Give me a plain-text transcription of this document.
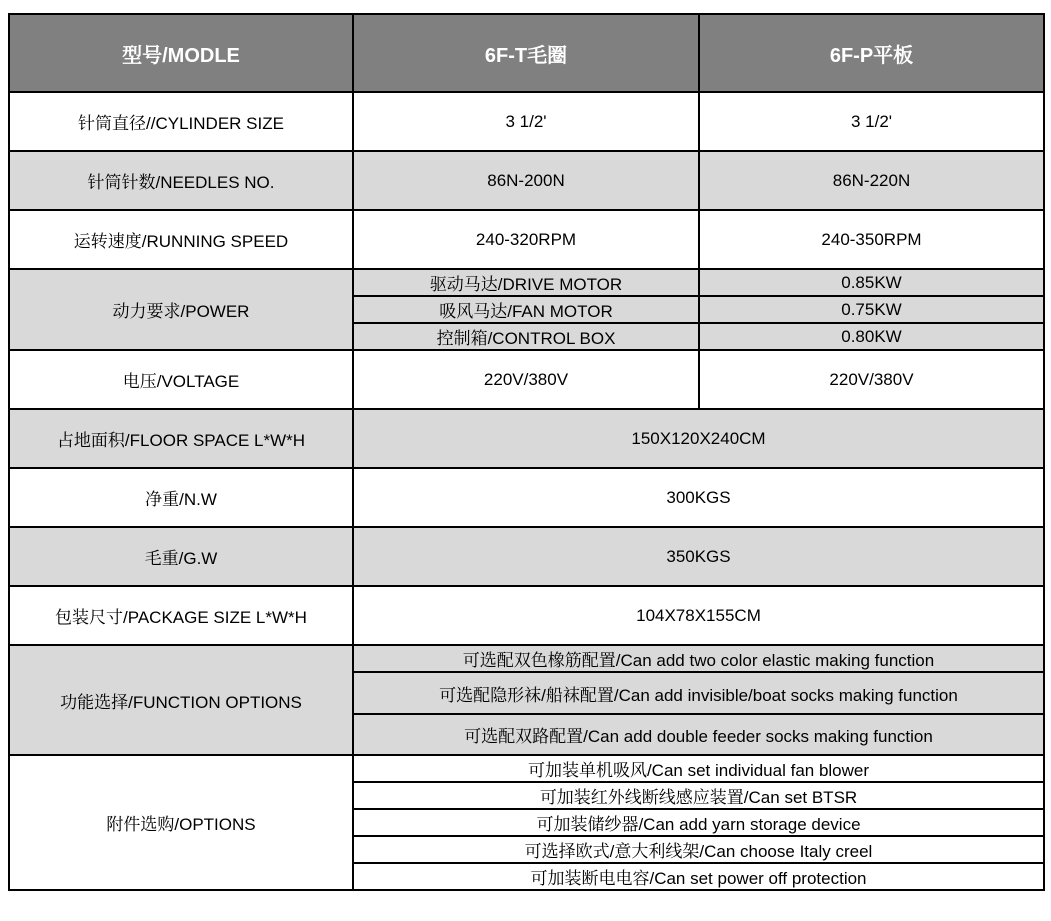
型号/MODLE	6F-T毛圈	6F-P平板
针筒直径//CYLINDER SIZE	3 1/2'	3 1/2'
针筒针数/NEEDLES NO.	86N-200N	86N-220N
运转速度/RUNNING SPEED	240-320RPM	240-350RPM
动力要求/POWER	驱动马达/DRIVE MOTOR	0.85KW
	吸风马达/FAN MOTOR	0.75KW
	控制箱/CONTROL BOX	0.80KW
电压/VOLTAGE	220V/380V	220V/380V
占地面积/FLOOR SPACE L*W*H	150X120X240CM	
净重/N.W	300KGS	
毛重/G.W	350KGS	
包装尺寸/PACKAGE SIZE L*W*H	104X78X155CM	
功能选择/FUNCTION OPTIONS	可选配双色橡筋配置/Can add two color elastic making function	
	可选配隐形袜/船袜配置/Can add invisible/boat socks making function	
	可选配双路配置/Can add double feeder socks making function	
附件选购/OPTIONS	可加装单机吸风/Can set individual fan blower	
	可加装红外线断线感应装置/Can set BTSR	
	可加装储纱器/Can add yarn storage device	
	可选择欧式/意大利线架/Can choose Italy creel	
	可加装断电电容/Can set power off protection	
